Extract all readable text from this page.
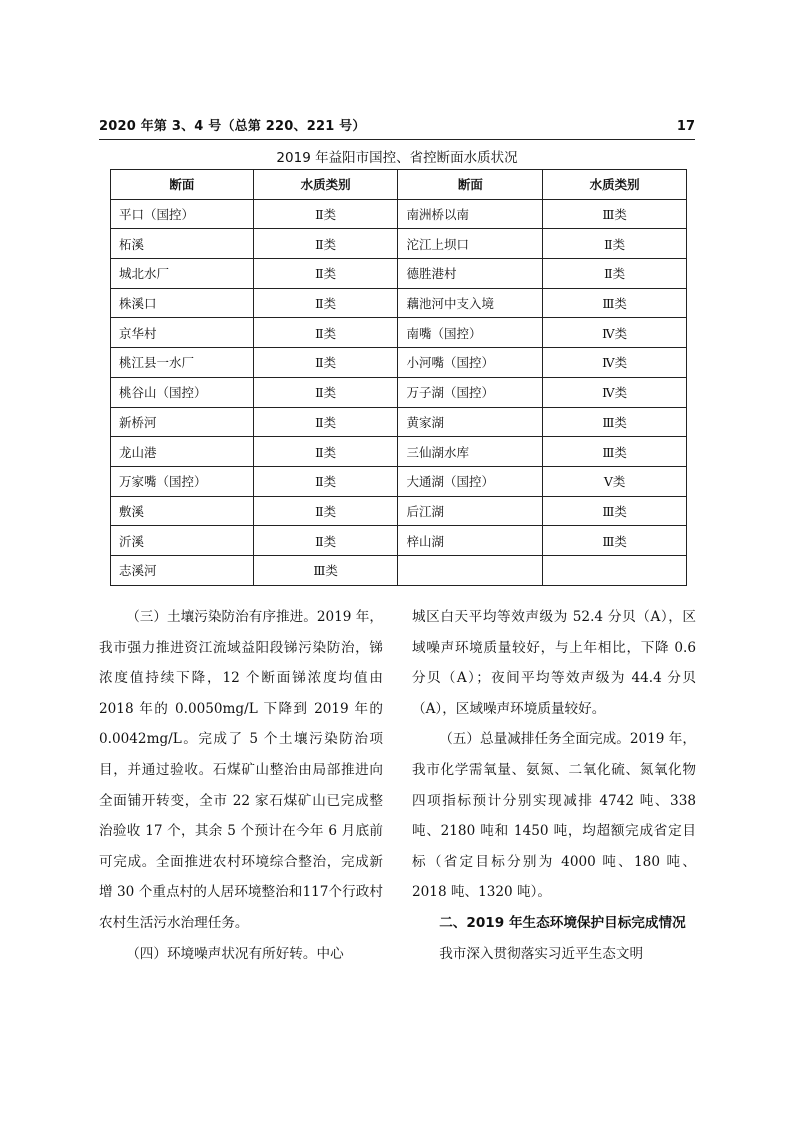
2020 年第 3、4 号（总第 220、221 号）	17
2019 年益阳市国控、省控断面水质状况
断面	水质类别	断面	水质类别
平口（国控）	Ⅱ类	南洲桥以南	Ⅲ类
柘溪	Ⅱ类	沱江上坝口	Ⅱ类
城北水厂	Ⅱ类	德胜港村	Ⅱ类
株溪口	Ⅱ类	藕池河中支入境	Ⅲ类
京华村	Ⅱ类	南嘴（国控）	Ⅳ类
桃江县一水厂	Ⅱ类	小河嘴（国控）	Ⅳ类
桃谷山（国控）	Ⅱ类	万子湖（国控）	Ⅳ类
新桥河	Ⅱ类	黄家湖	Ⅲ类
龙山港	Ⅱ类	三仙湖水库	Ⅲ类
万家嘴（国控）	Ⅱ类	大通湖（国控）	Ⅴ类
敷溪	Ⅱ类	后江湖	Ⅲ类
沂溪	Ⅱ类	梓山湖	Ⅲ类
志溪河	Ⅲ类		

（三）土壤污染防治有序推进。2019 年，我市强力推进资江流域益阳段锑污染防治，锑浓度值持续下降，12 个断面锑浓度均值由 2018 年的 0.0050mg/L 下降到 2019 年的 0.0042mg/L。完成了 5 个土壤污染防治项目，并通过验收。石煤矿山整治由局部推进向全面铺开转变，全市 22 家石煤矿山已完成整治验收 17 个，其余 5 个预计在今年 6 月底前可完成。全面推进农村环境综合整治，完成新增 30 个重点村的人居环境整治和117个行政村农村生活污水治理任务。

（四）环境噪声状况有所好转。中心

城区白天平均等效声级为 52.4 分贝（A），区域噪声环境质量较好，与上年相比，下降 0.6 分贝（A）；夜间平均等效声级为 44.4 分贝（A），区域噪声环境质量较好。

（五）总量减排任务全面完成。2019 年，我市化学需氧量、氨氮、二氧化硫、氮氧化物四项指标预计分别实现减排 4742 吨、338 吨、2180 吨和 1450 吨，均超额完成省定目标（省定目标分别为 4000 吨、180 吨、2018 吨、1320 吨）。

二、2019 年生态环境保护目标完成情况

我市深入贯彻落实习近平生态文明
